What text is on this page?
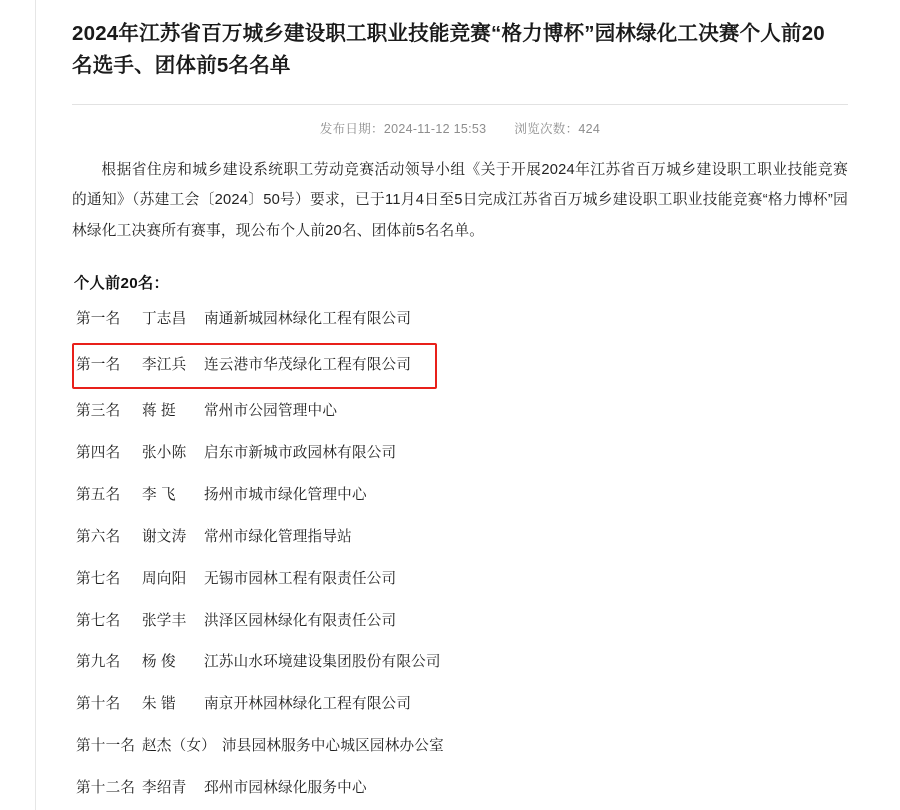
2024年江苏省百万城乡建设职工职业技能竞赛“格力博杯”园林绿化工决赛个人前20名选手、团体前5名名单
发布日期：2024-11-12 15:53 浏览次数：424

根据省住房和城乡建设系统职工劳动竞赛活动领导小组《关于开展2024年江苏省百万城乡建设职工职业技能竞赛的通知》（苏建工会〔2024〕50号）要求，已于11月4日至5日完成江苏省百万城乡建设职工职业技能竞赛“格力博杯”园林绿化工决赛所有赛事，现公布个人前20名、团体前5名名单。

个人前20名：
第一名 丁志昌 南通新城园林绿化工程有限公司
第一名 李江兵 连云港市华茂绿化工程有限公司
第三名 蒋 挺 常州市公园管理中心
第四名 张小陈 启东市新城市政园林有限公司
第五名 李 飞 扬州市城市绿化管理中心
第六名 谢文涛 常州市绿化管理指导站
第七名 周向阳 无锡市园林工程有限责任公司
第七名 张学丰 洪泽区园林绿化有限责任公司
第九名 杨 俊 江苏山水环境建设集团股份有限公司
第十名 朱 锴 南京开林园林绿化工程有限公司
第十一名 赵杰（女） 沛县园林服务中心城区园林办公室
第十二名 李绍青 邳州市园林绿化服务中心
